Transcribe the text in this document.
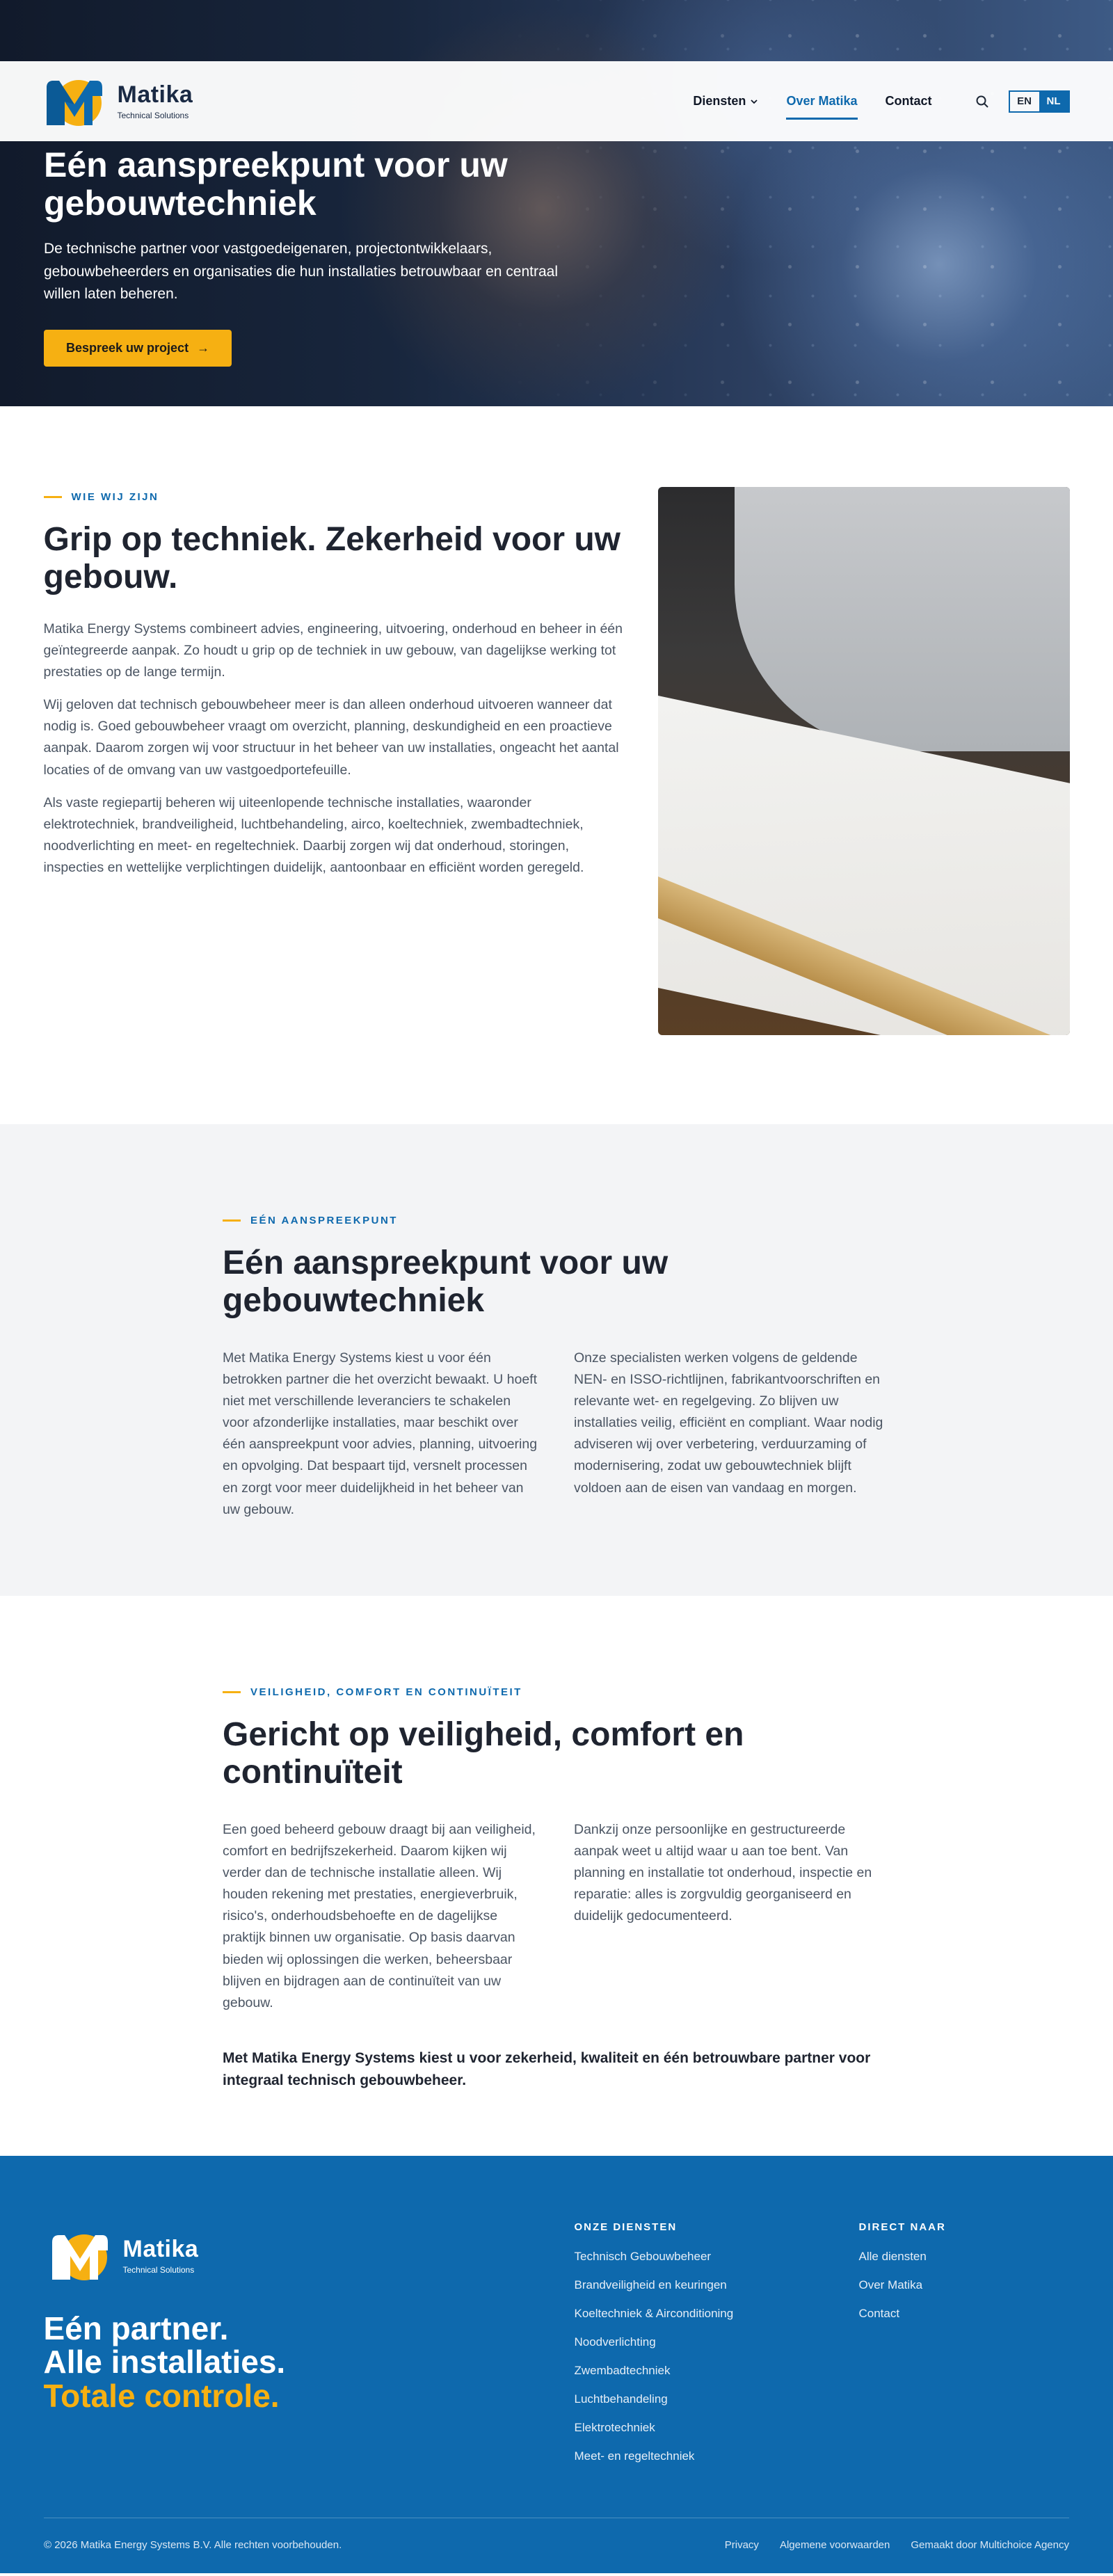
Matika
Technical Solutions
Diensten	Over Matika Contact	EN	NL
Eén aanspreekpunt voor uw gebouwtechniek

De technische partner voor vastgoedeigenaren, projectontwikkelaars, gebouwbeheerders en organisaties die hun installaties betrouwbaar en centraal willen laten beheren.

Bespreek uw project →
WIE WIJ ZIJN
Grip op techniek. Zekerheid voor uw gebouw.

Matika Energy Systems combineert advies, engineering, uitvoering, onderhoud en beheer in één geïntegreerde aanpak. Zo houdt u grip op de techniek in uw gebouw, van dagelijkse werking tot prestaties op de lange termijn.

Wij geloven dat technisch gebouwbeheer meer is dan alleen onderhoud uitvoeren wanneer dat nodig is. Goed gebouwbeheer vraagt om overzicht, planning, deskundigheid en een proactieve aanpak. Daarom zorgen wij voor structuur in het beheer van uw installaties, ongeacht het aantal locaties of de omvang van uw vastgoedportefeuille.

Als vaste regiepartij beheren wij uiteenlopende technische installaties, waaronder elektrotechniek, brandveiligheid, luchtbehandeling, airco, koeltechniek, zwembadtechniek, noodverlichting en meet- en regeltechniek. Daarbij zorgen wij dat onderhoud, storingen, inspecties en wettelijke verplichtingen duidelijk, aantoonbaar en efficiënt worden geregeld.

EÉN AANSPREEKPUNT
Eén aanspreekpunt voor uw gebouwtechniek

Met Matika Energy Systems kiest u voor één betrokken partner die het overzicht bewaakt. U hoeft niet met verschillende leveranciers te schakelen voor afzonderlijke installaties, maar beschikt over één aanspreekpunt voor advies, planning, uitvoering en opvolging. Dat bespaart tijd, versnelt processen en zorgt voor meer duidelijkheid in het beheer van uw gebouw.

Onze specialisten werken volgens de geldende NEN- en ISSO-richtlijnen, fabrikantvoorschriften en relevante wet- en regelgeving. Zo blijven uw installaties veilig, efficiënt en compliant. Waar nodig adviseren wij over verbetering, verduurzaming of modernisering, zodat uw gebouwtechniek blijft voldoen aan de eisen van vandaag en morgen.

VEILIGHEID, COMFORT EN CONTINUÏTEIT
Gericht op veiligheid, comfort en continuïteit

Een goed beheerd gebouw draagt bij aan veiligheid, comfort en bedrijfszekerheid. Daarom kijken wij verder dan de technische installatie alleen. Wij houden rekening met prestaties, energieverbruik, risico's, onderhoudsbehoefte en de dagelijkse praktijk binnen uw organisatie. Op basis daarvan bieden wij oplossingen die werken, beheersbaar blijven en bijdragen aan de continuïteit van uw gebouw.

Dankzij onze persoonlijke en gestructureerde aanpak weet u altijd waar u aan toe bent. Van planning en installatie tot onderhoud, inspectie en reparatie: alles is zorgvuldig georganiseerd en duidelijk gedocumenteerd.

Met Matika Energy Systems kiest u voor zekerheid, kwaliteit en één betrouwbare partner voor integraal technisch gebouwbeheer.

Matika
Technical Solutions
Eén partner.
Alle installaties.
Totale controle.
ONZE DIENSTEN
Technisch Gebouwbeheer
Brandveiligheid en keuringen
Koeltechniek & Airconditioning
Noodverlichting
Zwembadtechniek
Luchtbehandeling
Elektrotechniek
Meet- en regeltechniek
DIRECT NAAR
Alle diensten
Over Matika
Contact
© 2026 Matika Energy Systems B.V. Alle rechten voorbehouden.	Privacy Algemene voorwaarden Gemaakt door Multichoice Agency
